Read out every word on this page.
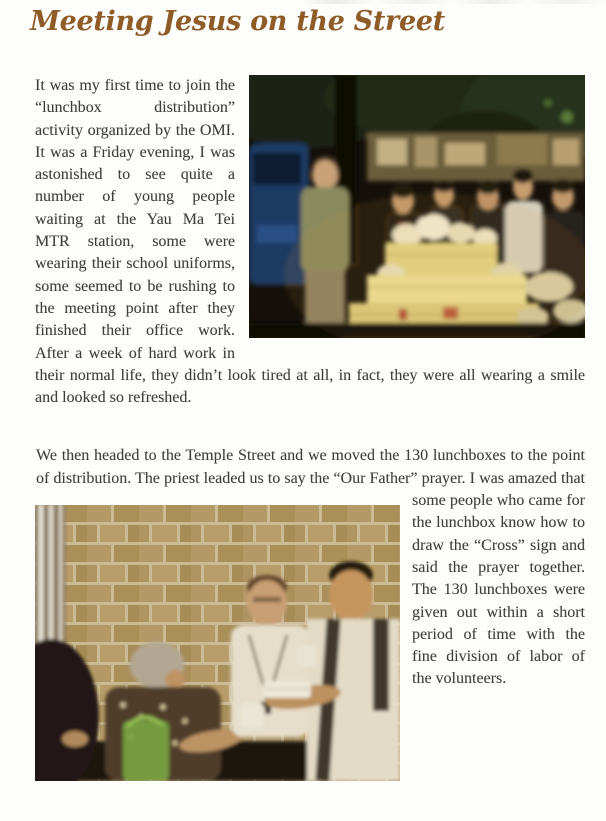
Meeting Jesus on the Street

It was my first time to join the “lunchbox distribution” activity organized by the OMI. It was a Friday evening, I was astonished to see quite a number of young people waiting at the Yau Ma Tei MTR station, some were wearing their school uniforms, some seemed to be rushing to the meeting point after they finished their office work. After a week of hard work in their normal life, they didn’t look tired at all, in fact, they were all wearing a smile and looked so refreshed.

We then headed to the Temple Street and we moved the 130 lunchboxes to the point of distribution. The priest leaded us to say the “Our Father” prayer. I was amazed that some people who came for the lunchbox know how to draw the “Cross” sign and said the prayer together. The 130 lunchboxes were given out within a short period of time with the fine division of labor of the volunteers.
